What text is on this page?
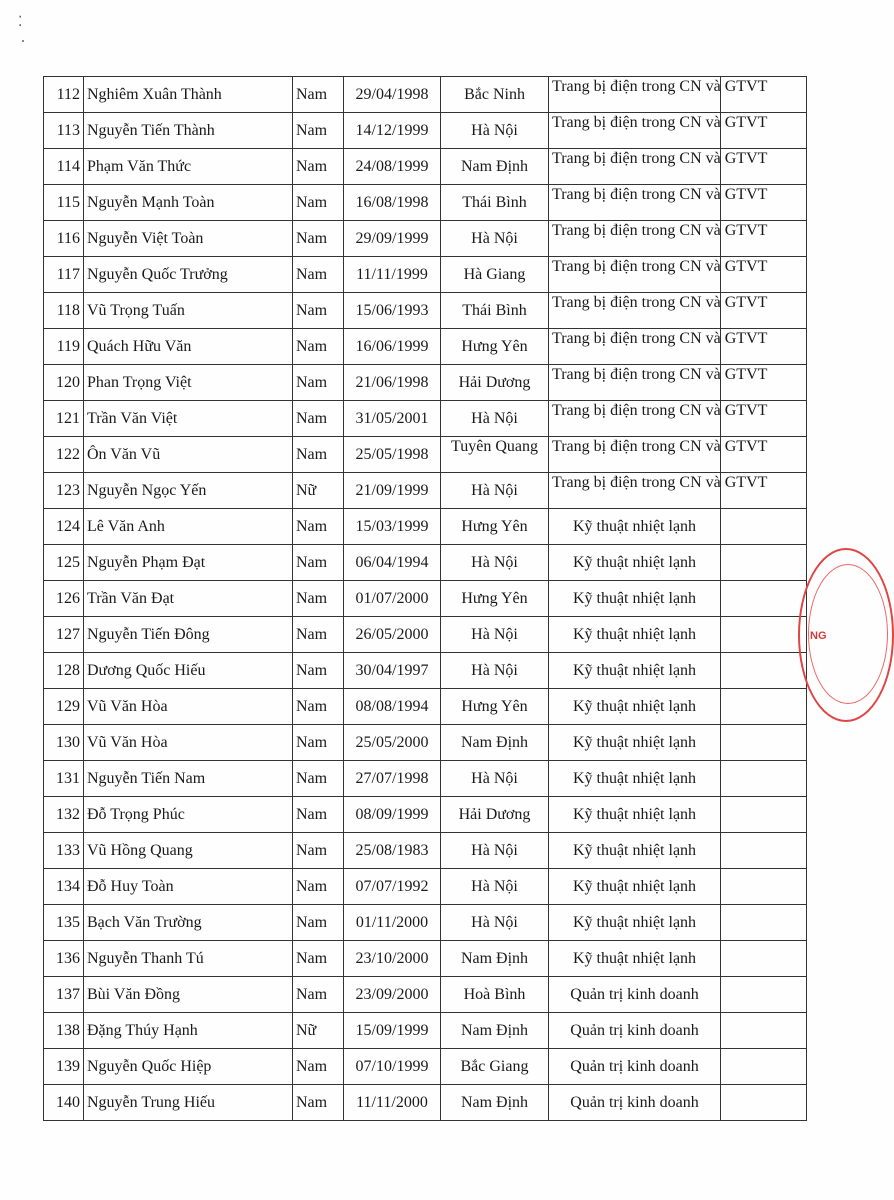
⁚
112	Nghiêm Xuân Thành	Nam	29/04/1998	Bắc Ninh	Trang bị điện trong CN và GTVT	

113	Nguyễn Tiến Thành	Nam	14/12/1999	Hà Nội	Trang bị điện trong CN và GTVT	

114	Phạm Văn Thức	Nam	24/08/1999	Nam Định	Trang bị điện trong CN và GTVT	

115	Nguyễn Mạnh Toàn	Nam	16/08/1998	Thái Bình	Trang bị điện trong CN và GTVT	

116	Nguyễn Việt Toàn	Nam	29/09/1999	Hà Nội	Trang bị điện trong CN và GTVT	

117	Nguyễn Quốc Trưởng	Nam	11/11/1999	Hà Giang	Trang bị điện trong CN và GTVT	

118	Vũ Trọng Tuấn	Nam	15/06/1993	Thái Bình	Trang bị điện trong CN và GTVT	

119	Quách Hữu Văn	Nam	16/06/1999	Hưng Yên	Trang bị điện trong CN và GTVT	

120	Phan Trọng Việt	Nam	21/06/1998	Hải Dương	Trang bị điện trong CN và GTVT	

121	Trần Văn Việt	Nam	31/05/2001	Hà Nội	Trang bị điện trong CN và GTVT	

122	Ôn Văn Vũ	Nam	25/05/1998	Tuyên Quang	Trang bị điện trong CN và GTVT	

123	Nguyễn Ngọc Yến	Nữ	21/09/1999	Hà Nội	Trang bị điện trong CN và GTVT	

124	Lê Văn Anh	Nam	15/03/1999	Hưng Yên	Kỹ thuật nhiệt lạnh	

125	Nguyễn Phạm Đạt	Nam	06/04/1994	Hà Nội	Kỹ thuật nhiệt lạnh	

126	Trần Văn Đạt	Nam	01/07/2000	Hưng Yên	Kỹ thuật nhiệt lạnh	

127	Nguyễn Tiến Đông	Nam	26/05/2000	Hà Nội	Kỹ thuật nhiệt lạnh	

128	Dương Quốc Hiếu	Nam	30/04/1997	Hà Nội	Kỹ thuật nhiệt lạnh	

129	Vũ Văn Hòa	Nam	08/08/1994	Hưng Yên	Kỹ thuật nhiệt lạnh	

130	Vũ Văn Hòa	Nam	25/05/2000	Nam Định	Kỹ thuật nhiệt lạnh	

131	Nguyễn Tiến Nam	Nam	27/07/1998	Hà Nội	Kỹ thuật nhiệt lạnh	

132	Đỗ Trọng Phúc	Nam	08/09/1999	Hải Dương	Kỹ thuật nhiệt lạnh	

133	Vũ Hồng Quang	Nam	25/08/1983	Hà Nội	Kỹ thuật nhiệt lạnh	

134	Đỗ Huy Toàn	Nam	07/07/1992	Hà Nội	Kỹ thuật nhiệt lạnh	

135	Bạch Văn Trường	Nam	01/11/2000	Hà Nội	Kỹ thuật nhiệt lạnh	

136	Nguyễn Thanh Tú	Nam	23/10/2000	Nam Định	Kỹ thuật nhiệt lạnh	

137	Bùi Văn Đồng	Nam	23/09/2000	Hoà Bình	Quản trị kinh doanh	

138	Đặng Thúy Hạnh	Nữ	15/09/1999	Nam Định	Quản trị kinh doanh	

139	Nguyễn Quốc Hiệp	Nam	07/10/1999	Bắc Giang	Quản trị kinh doanh	

140	Nguyễn Trung Hiếu	Nam	11/11/2000	Nam Định	Quản trị kinh doanh	

NG
